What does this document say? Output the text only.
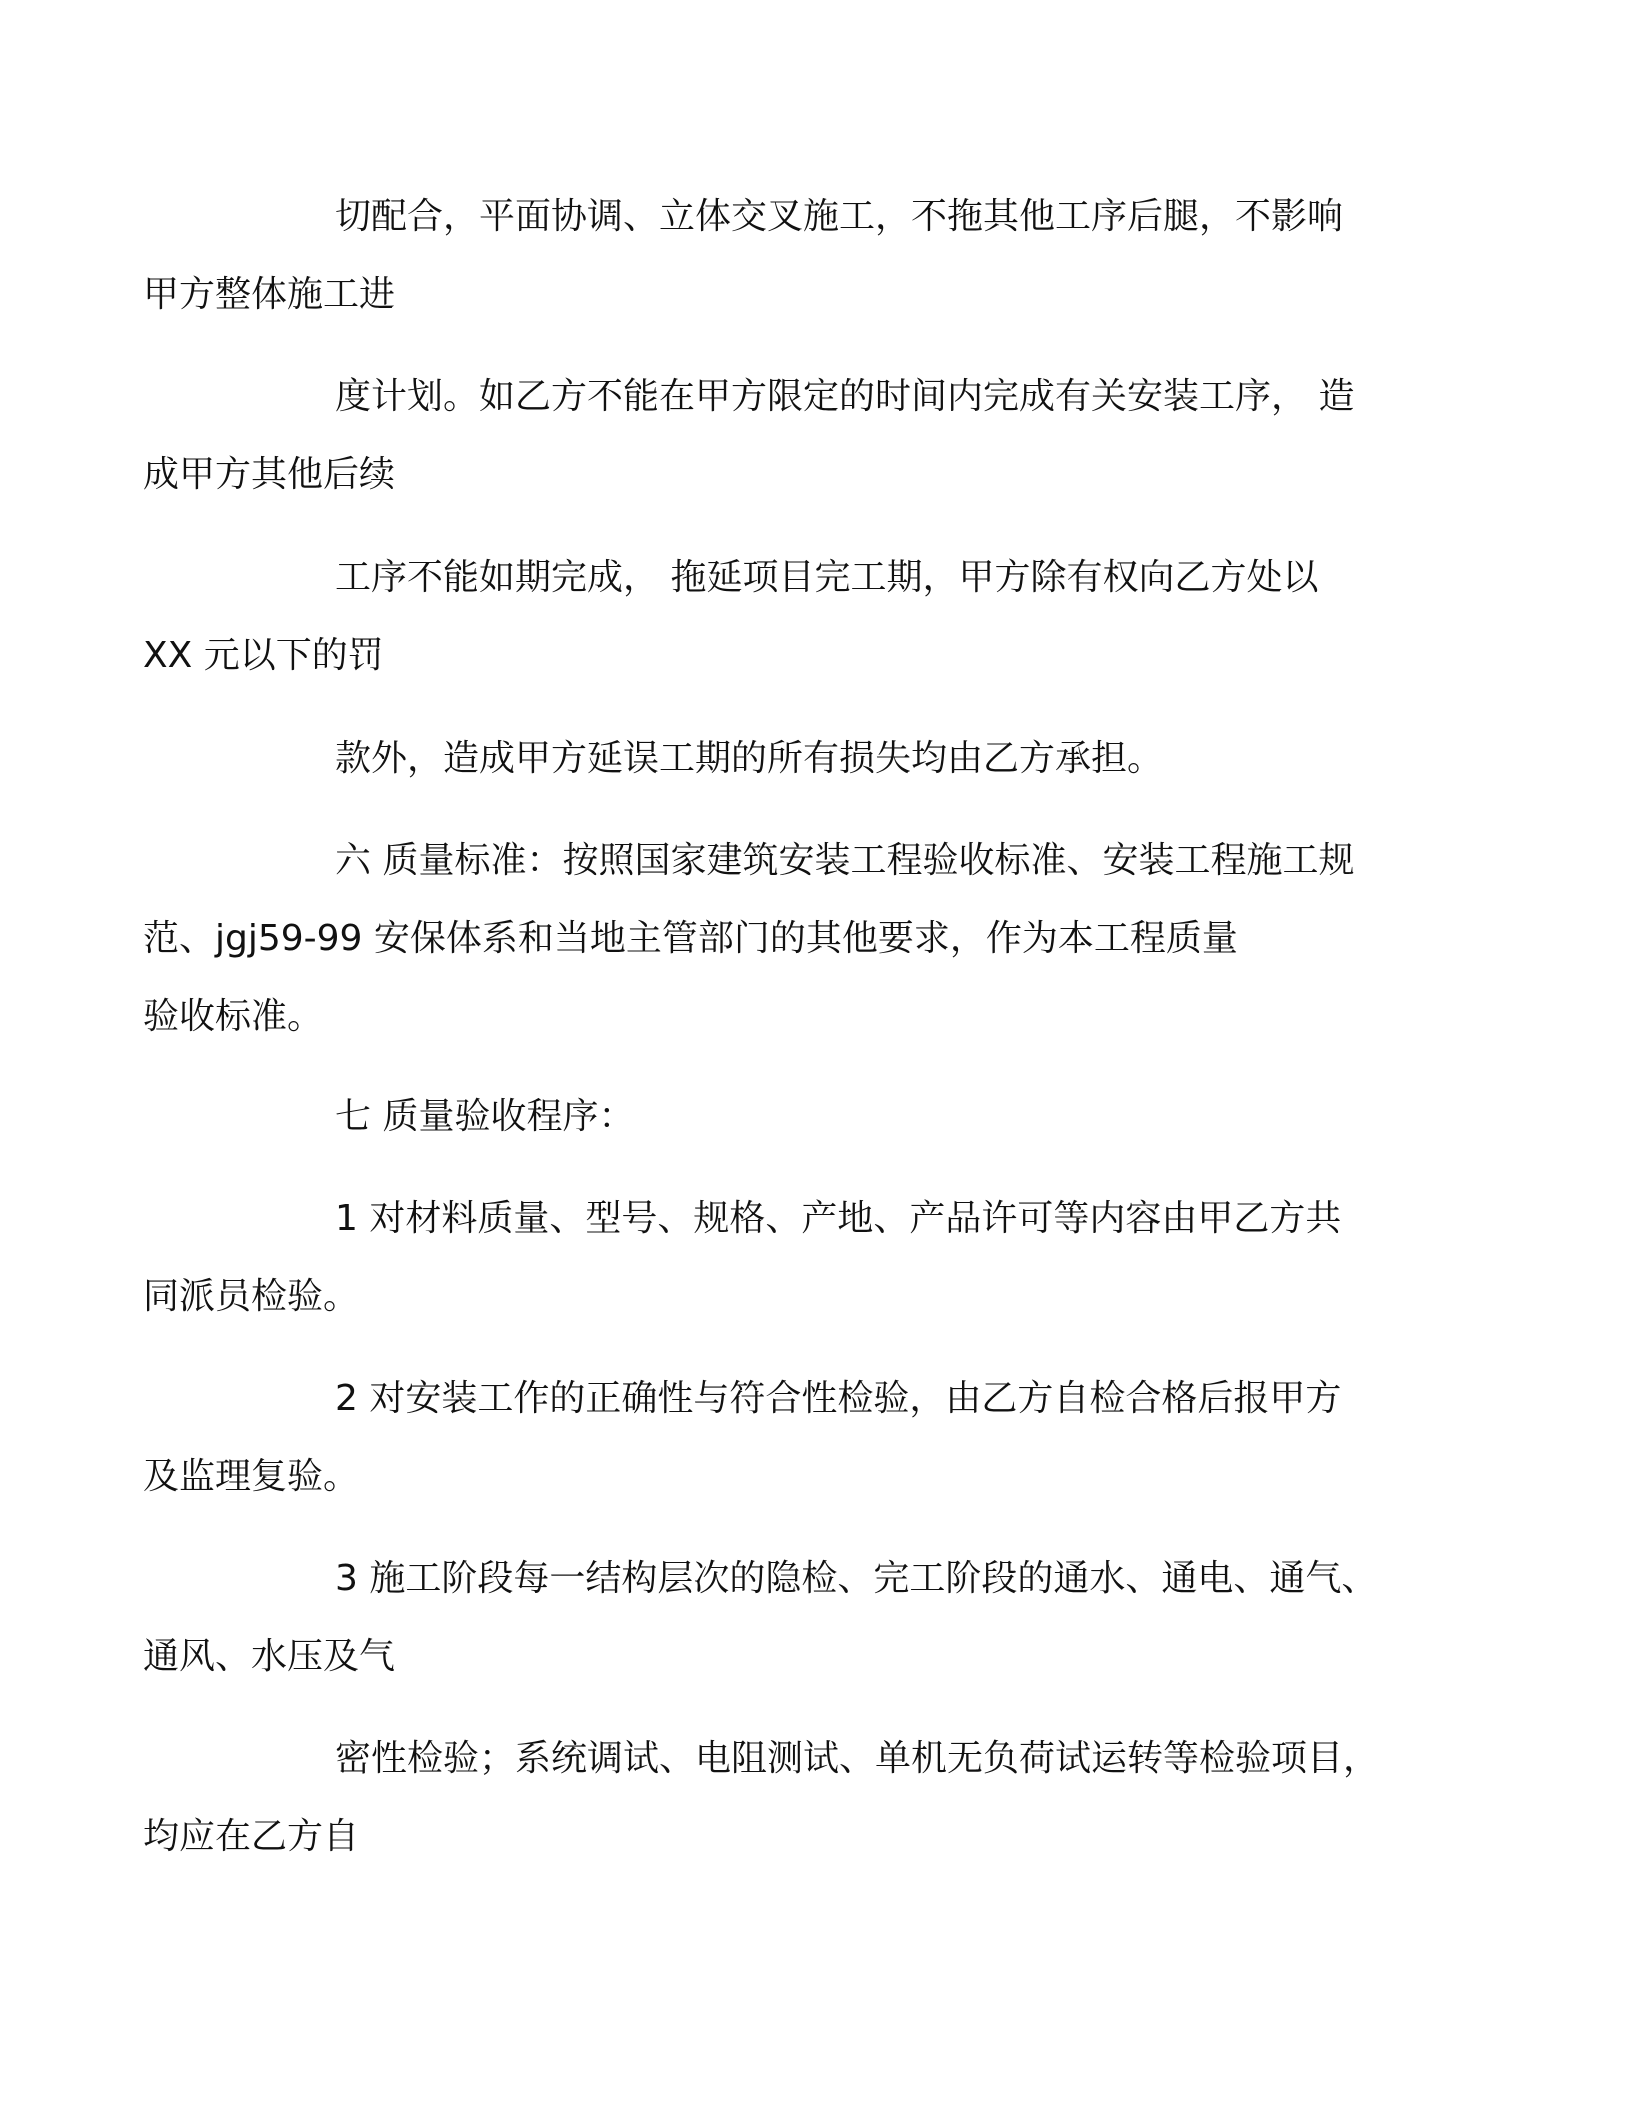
切配合，平面协调、立体交叉施工，不拖其他工序后腿，不影响
甲方整体施工进

度计划。如乙方不能在甲方限定的时间内完成有关安装工序， 造
成甲方其他后续

工序不能如期完成， 拖延项目完工期，甲方除有权向乙方处以
XX 元以下的罚

款外，造成甲方延误工期的所有损失均由乙方承担。

六 质量标准：按照国家建筑安装工程验收标准、安装工程施工规
范、jgj59-99 安保体系和当地主管部门的其他要求，作为本工程质量
验收标准。

七 质量验收程序：

1 对材料质量、型号、规格、产地、产品许可等内容由甲乙方共
同派员检验。

2 对安装工作的正确性与符合性检验，由乙方自检合格后报甲方
及监理复验。

3 施工阶段每一结构层次的隐检、完工阶段的通水、通电、通气、
通风、水压及气

密性检验；系统调试、电阻测试、单机无负荷试运转等检验项目，
均应在乙方自
